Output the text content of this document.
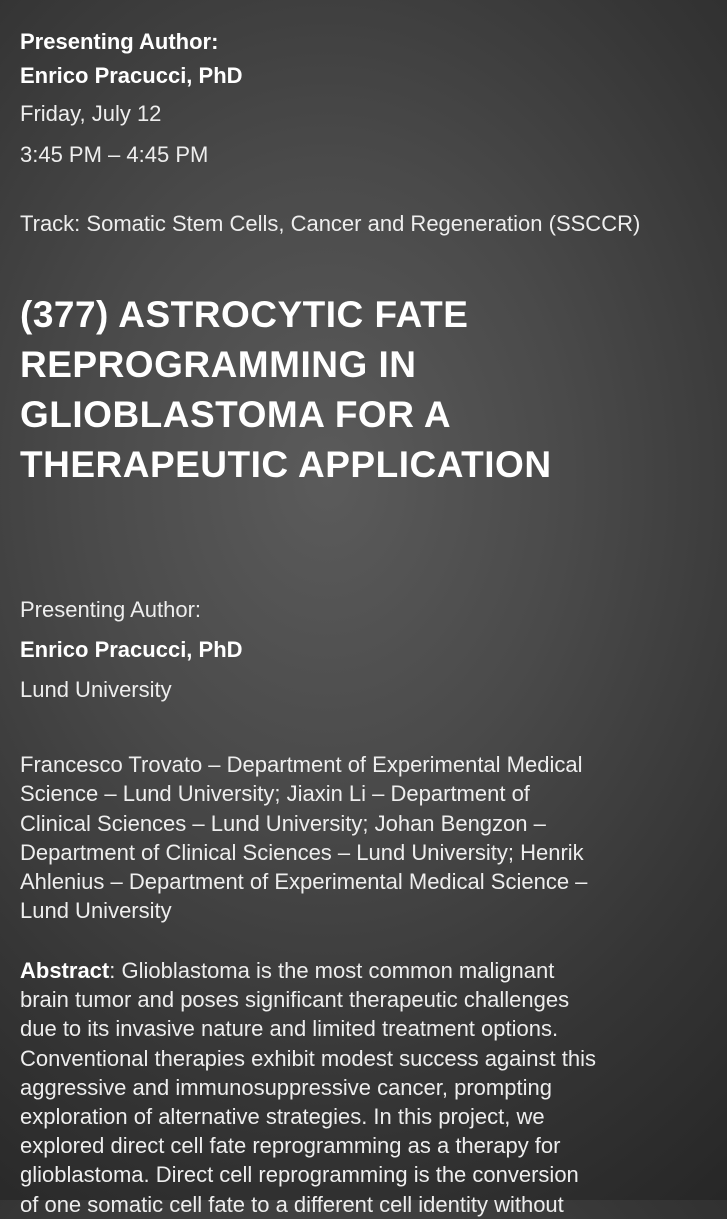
Presenting Author:
Enrico Pracucci, PhD
Friday, July 12
3:45 PM – 4:45 PM
Track: Somatic Stem Cells, Cancer and Regeneration (SSCCR)
(377) ASTROCYTIC FATE
REPROGRAMMING IN
GLIOBLASTOMA FOR A
THERAPEUTIC APPLICATION
Presenting Author:
Enrico Pracucci, PhD
Lund University
Francesco Trovato – Department of Experimental Medical
Science – Lund University; Jiaxin Li – Department of
Clinical Sciences – Lund University; Johan Bengzon –
Department of Clinical Sciences – Lund University; Henrik
Ahlenius – Department of Experimental Medical Science –
Lund University
Abstract: Glioblastoma is the most common malignant
brain tumor and poses significant therapeutic challenges
due to its invasive nature and limited treatment options.
Conventional therapies exhibit modest success against this
aggressive and immunosuppressive cancer, prompting
exploration of alternative strategies. In this project, we
explored direct cell fate reprogramming as a therapy for
glioblastoma. Direct cell reprogramming is the conversion
of one somatic cell fate to a different cell identity without
